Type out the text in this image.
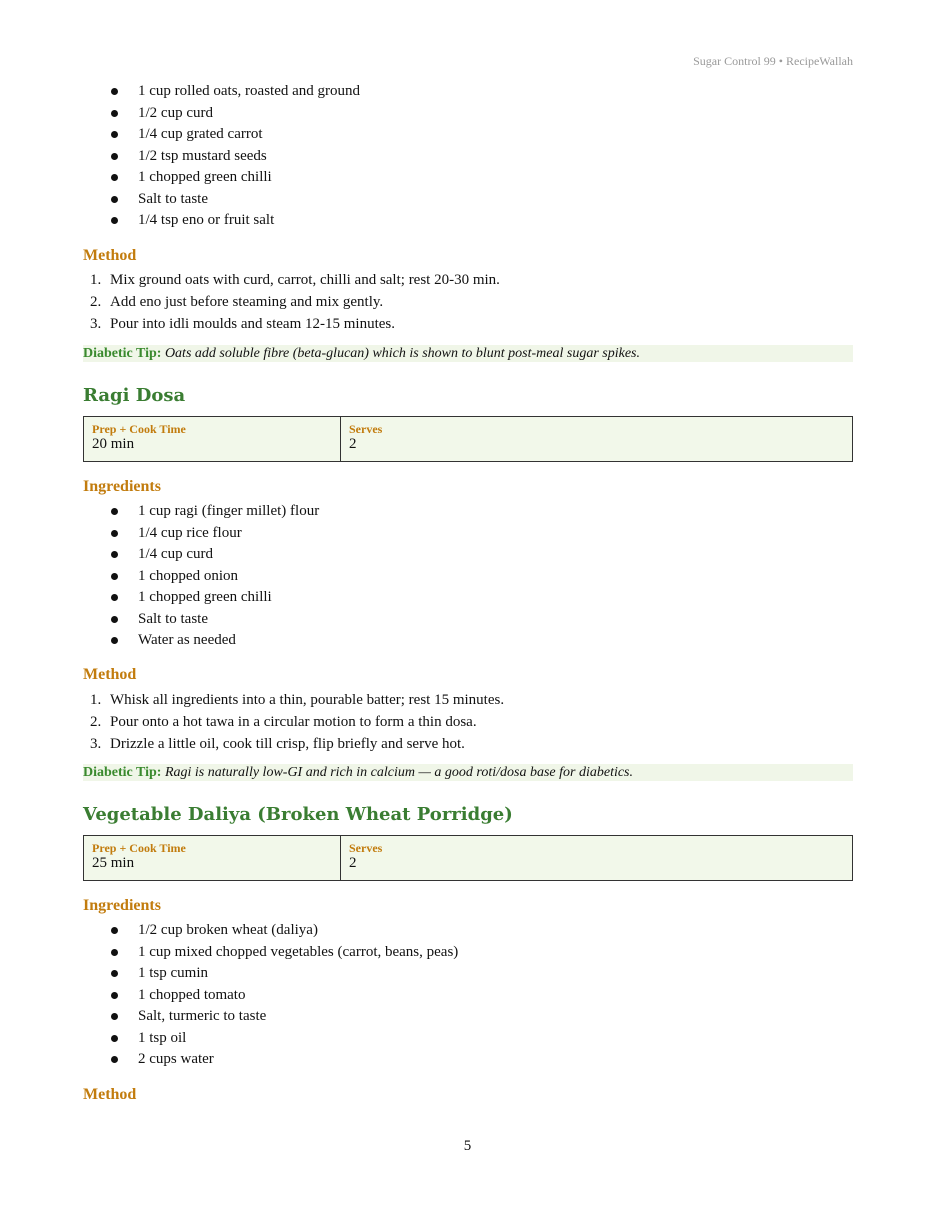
Sugar Control 99 • RecipeWallah
1 cup rolled oats, roasted and ground
1/2 cup curd
1/4 cup grated carrot
1/2 tsp mustard seeds
1 chopped green chilli
Salt to taste
1/4 tsp eno or fruit salt
Method
1. Mix ground oats with curd, carrot, chilli and salt; rest 20-30 min.
2. Add eno just before steaming and mix gently.
3. Pour into idli moulds and steam 12-15 minutes.
Diabetic Tip: Oats add soluble fibre (beta-glucan) which is shown to blunt post-meal sugar spikes.
Ragi Dosa
Prep + Cook Time
20 min

Serves
2
Ingredients
1 cup ragi (finger millet) flour
1/4 cup rice flour
1/4 cup curd
1 chopped onion
1 chopped green chilli
Salt to taste
Water as needed
Method
1. Whisk all ingredients into a thin, pourable batter; rest 15 minutes.
2. Pour onto a hot tawa in a circular motion to form a thin dosa.
3. Drizzle a little oil, cook till crisp, flip briefly and serve hot.
Diabetic Tip: Ragi is naturally low-GI and rich in calcium — a good roti/dosa base for diabetics.
Vegetable Daliya (Broken Wheat Porridge)
Prep + Cook Time
25 min

Serves
2
Ingredients
1/2 cup broken wheat (daliya)
1 cup mixed chopped vegetables (carrot, beans, peas)
1 tsp cumin
1 chopped tomato
Salt, turmeric to taste
1 tsp oil
2 cups water
Method
5
